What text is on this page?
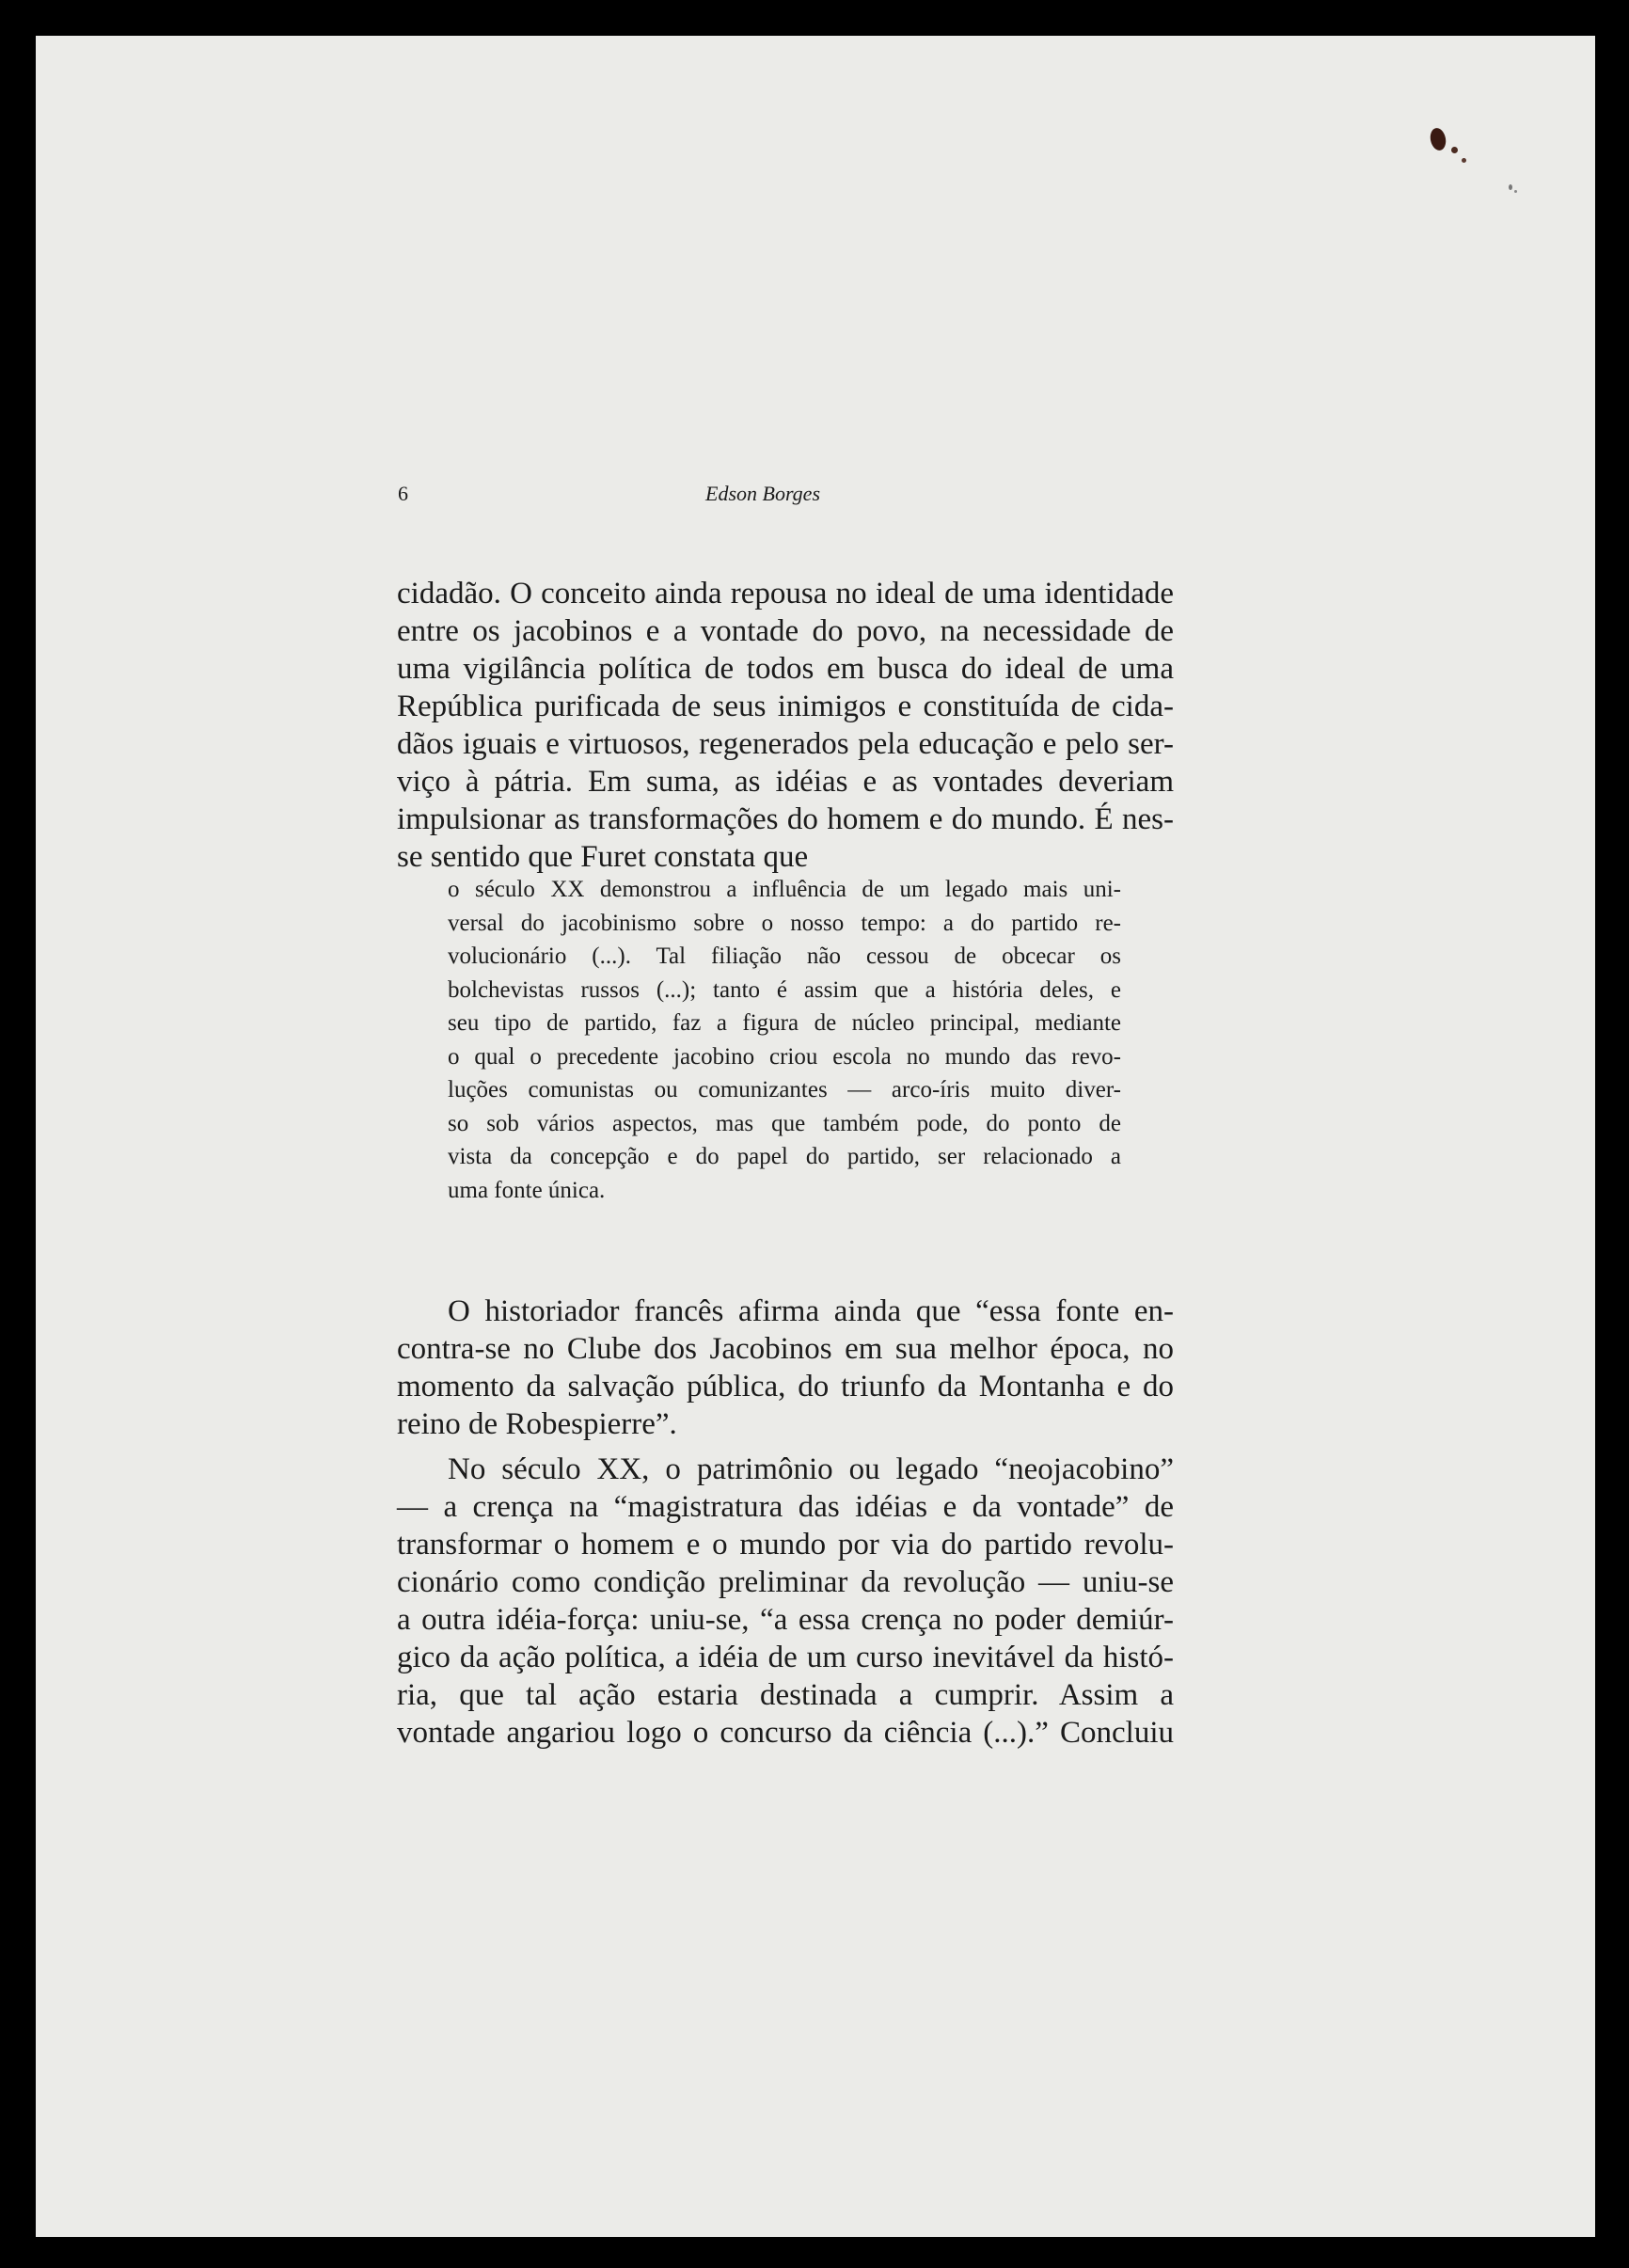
6	Edson Borges
cidadão. O conceito ainda repousa no ideal de uma identidade
entre os jacobinos e a vontade do povo, na necessidade de
uma vigilância política de todos em busca do ideal de uma
República purificada de seus inimigos e constituída de cida-
dãos iguais e virtuosos, regenerados pela educação e pelo ser-
viço à pátria. Em suma, as idéias e as vontades deveriam
impulsionar as transformações do homem e do mundo. É nes-
se sentido que Furet constata que
o século XX demonstrou a influência de um legado mais uni-
versal do jacobinismo sobre o nosso tempo: a do partido re-
volucionário (...). Tal filiação não cessou de obcecar os
bolchevistas russos (...); tanto é assim que a história deles, e
seu tipo de partido, faz a figura de núcleo principal, mediante
o qual o precedente jacobino criou escola no mundo das revo-
luções comunistas ou comunizantes — arco-íris muito diver-
so sob vários aspectos, mas que também pode, do ponto de
vista da concepção e do papel do partido, ser relacionado a
uma fonte única.
O historiador francês afirma ainda que “essa fonte en-
contra-se no Clube dos Jacobinos em sua melhor época, no
momento da salvação pública, do triunfo da Montanha e do
reino de Robespierre”.
No século XX, o patrimônio ou legado “neojacobino”
— a crença na “magistratura das idéias e da vontade” de
transformar o homem e o mundo por via do partido revolu-
cionário como condição preliminar da revolução — uniu-se
a outra idéia-força: uniu-se, “a essa crença no poder demiúr-
gico da ação política, a idéia de um curso inevitável da histó-
ria, que tal ação estaria destinada a cumprir. Assim a
vontade angariou logo o concurso da ciência (...).” Concluiu
